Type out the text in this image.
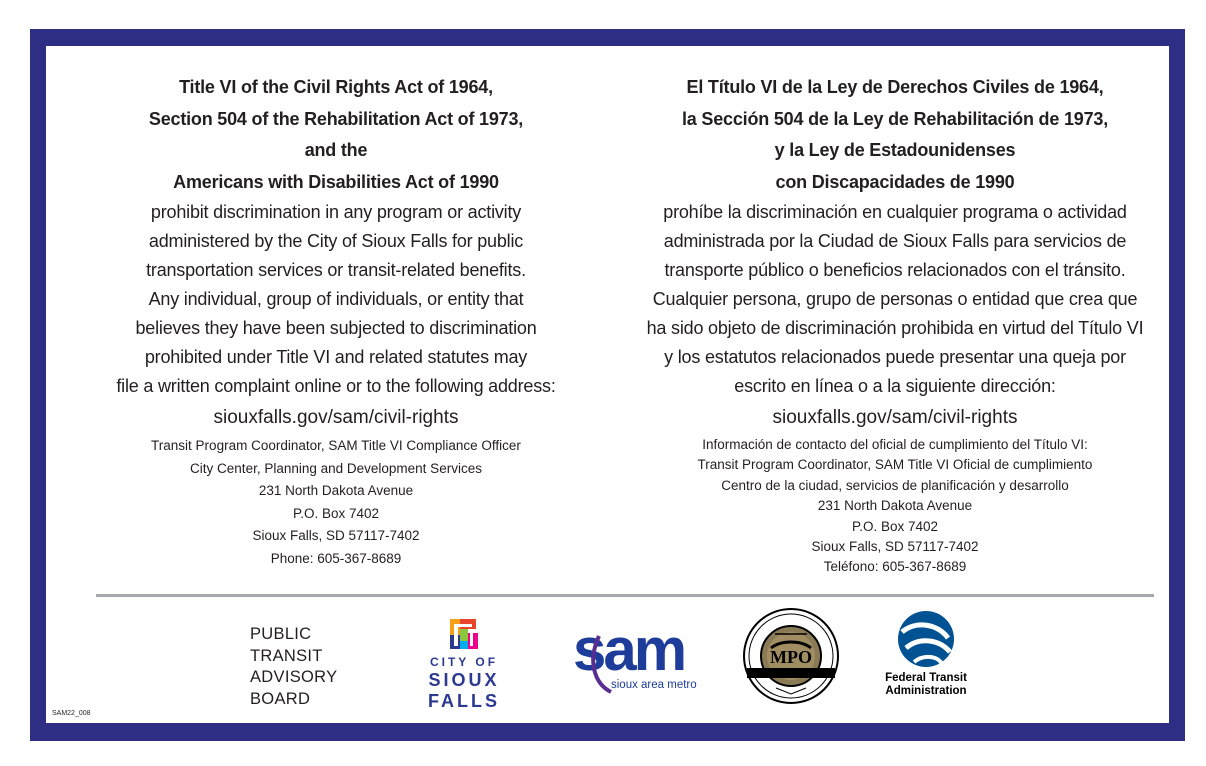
Title VI of the Civil Rights Act of 1964,
Section 504 of the Rehabilitation Act of 1973,
and the
Americans with Disabilities Act of 1990
prohibit discrimination in any program or activity
administered by the City of Sioux Falls for public
transportation services or transit-related benefits.
Any individual, group of individuals, or entity that
believes they have been subjected to discrimination
prohibited under Title VI and related statutes may
file a written complaint online or to the following address:
siouxfalls.gov/sam/civil-rights
Transit Program Coordinator, SAM Title VI Compliance Officer
City Center, Planning and Development Services
231 North Dakota Avenue
P.O. Box 7402
Sioux Falls, SD 57117-7402
Phone: 605-367-8689
El Título VI de la Ley de Derechos Civiles de 1964,
la Sección 504 de la Ley de Rehabilitación de 1973,
y la Ley de Estadounidenses
con Discapacidades de 1990
prohíbe la discriminación en cualquier programa o actividad
administrada por la Ciudad de Sioux Falls para servicios de
transporte público o beneficios relacionados con el tránsito.
Cualquier persona, grupo de personas o entidad que crea que
ha sido objeto de discriminación prohibida en virtud del Título VI
y los estatutos relacionados puede presentar una queja por
escrito en línea o a la siguiente dirección:
siouxfalls.gov/sam/civil-rights
Información de contacto del oficial de cumplimiento del Título VI:
Transit Program Coordinator, SAM Title VI Oficial de cumplimiento
Centro de la ciudad, servicios de planificación y desarrollo
231 North Dakota Avenue
P.O. Box 7402
Sioux Falls, SD 57117-7402
Teléfono: 605-367-8689
PUBLIC
TRANSIT
ADVISORY
BOARD
CITY OF
SIOUX FALLS
sam
sioux area metro
MPO
Federal Transit
Administration
SAM22_008
